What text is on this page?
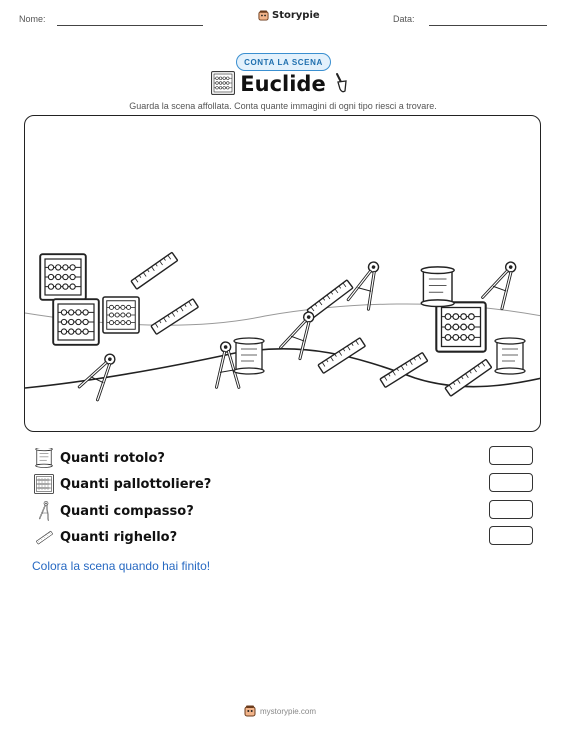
Nome:	Storypie	Data:
CONTA LA SCENA
Euclide
Guarda la scena affollata. Conta quante immagini di ogni tipo riesci a trovare.
Quanti rotolo?
Quanti pallottoliere?
Quanti compasso?
Quanti righello?
Colora la scena quando hai finito!
mystorypie.com
